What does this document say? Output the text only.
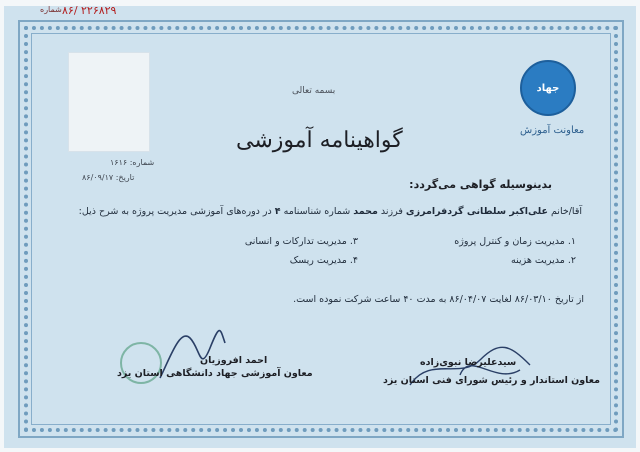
شماره ۸۶/ ۲۲۶۸۲۹
بسمه تعالی
گواهینامه آموزشی
شماره: ۱۶۱۶
تاریخ: ۸۶/۰۹/۱۷
جهاد
معاونت آموزش
بدینوسیله گواهی می‌گردد:
آقا/خانم علی‌اکبر سلطانی گردفرامرزی فرزند محمد شماره شناسنامه ۴ در دوره‌های آموزشی مدیریت پروژه به شرح ذیل:
۱. مدیریت زمان و کنترل پروژه
۲. مدیریت هزینه
۳. مدیریت تدارکات و انسانی
۴. مدیریت ریسک
از تاریخ ۸۶/۰۳/۱۰ لغایت ۸۶/۰۴/۰۷ به مدت ۴۰ ساعت شرکت نموده است.
سیدعلیرضا نبوی‌زاده
معاون استاندار و رئیس شورای فنی استان یزد
احمد افروزیان
معاون آموزشی جهاد دانشگاهی استان یزد
